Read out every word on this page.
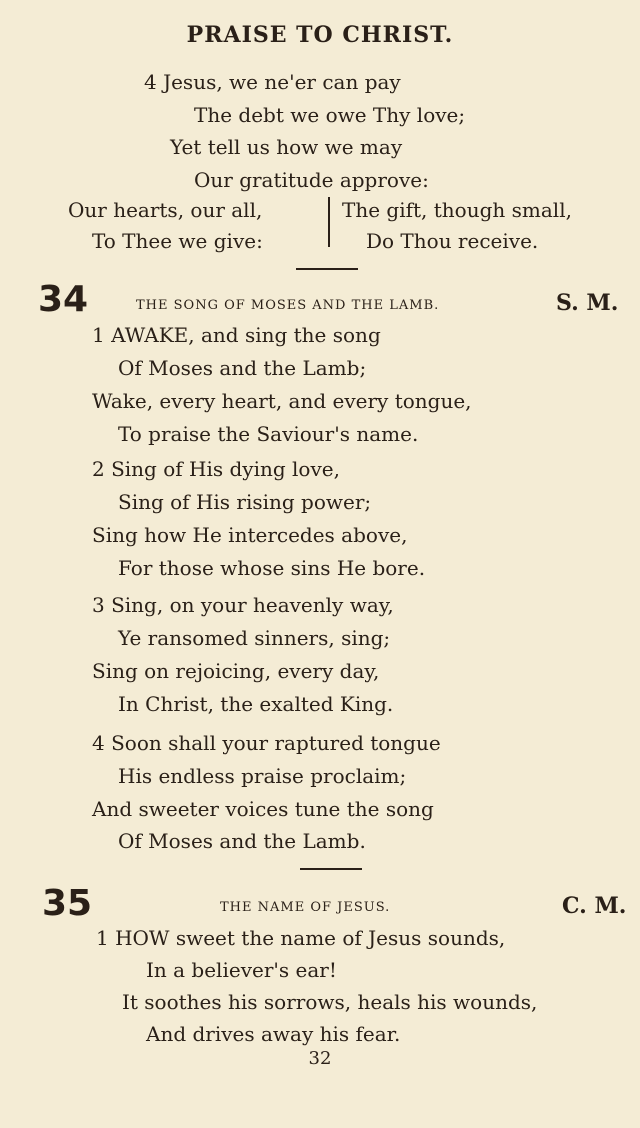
PRAISE TO CHRIST.
4 Jesus, we ne'er can pay
The debt we owe Thy love;
Yet tell us how we may
Our gratitude approve:
Our hearts, our all,
To Thee we give:
The gift, though small,
Do Thou receive.
34	THE SONG OF MOSES AND THE LAMB.	S. M.
1 AWAKE, and sing the song
Of Moses and the Lamb;
Wake, every heart, and every tongue,
To praise the Saviour's name.
2 Sing of His dying love,
Sing of His rising power;
Sing how He intercedes above,
For those whose sins He bore.
3 Sing, on your heavenly way,
Ye ransomed sinners, sing;
Sing on rejoicing, every day,
In Christ, the exalted King.
4 Soon shall your raptured tongue
His endless praise proclaim;
And sweeter voices tune the song
Of Moses and the Lamb.
35	THE NAME OF JESUS.	C. M.
1 HOW sweet the name of Jesus sounds,
In a believer's ear!
It soothes his sorrows, heals his wounds,
And drives away his fear.
32
